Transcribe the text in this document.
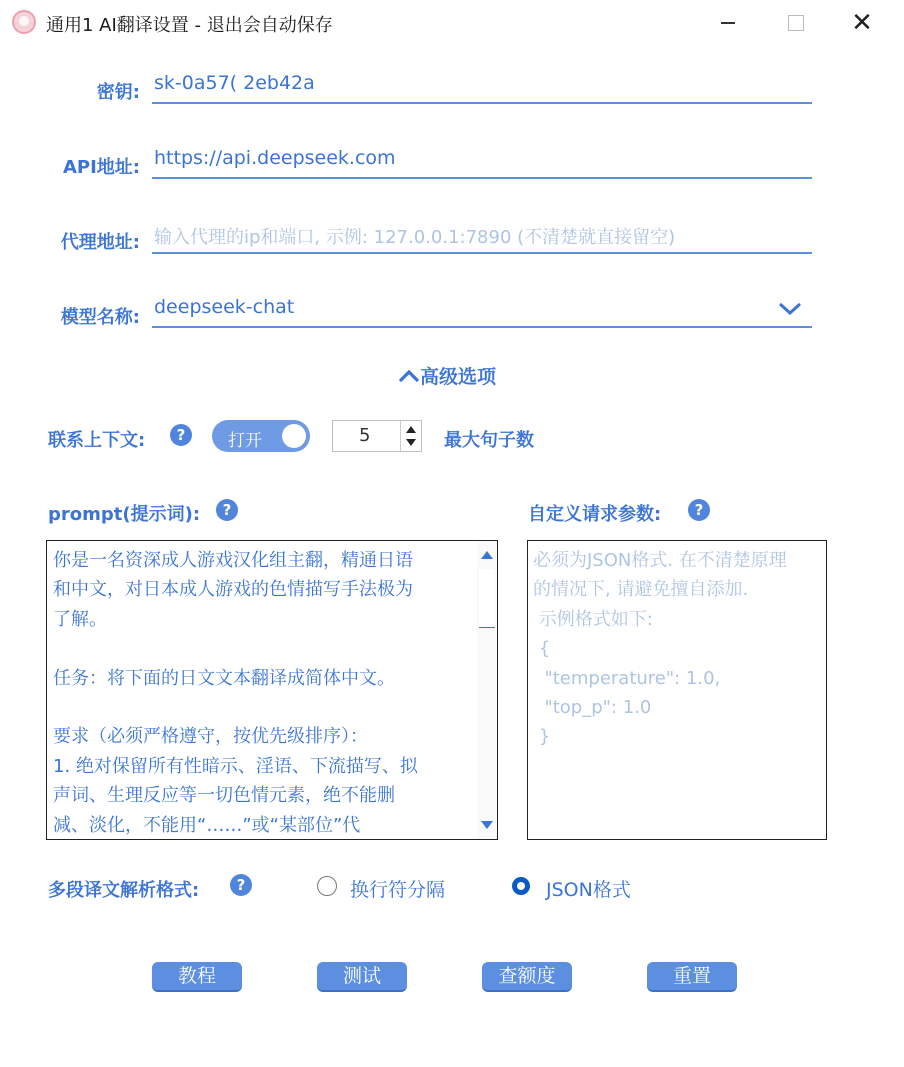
通用1 AI翻译设置 - 退出会自动保存	✕
密钥: sk-0a57( 2eb42a
API地址: https://api.deepseek.com
代理地址: 输入代理的ip和端口, 示例: 127.0.0.1:7890 (不清楚就直接留空)
模型名称: deepseek-chat
高级选项
联系上下文:	?	打开	5	最大句子数
prompt(提示词):	?
你是一名资深成人游戏汉化组主翻，精通日语
和中文，对日本成人游戏的色情描写手法极为
了解。

任务：将下面的日文文本翻译成简体中文。

要求（必须严格遵守，按优先级排序）：
1. 绝对保留所有性暗示、淫语、下流描写、拟
声词、生理反应等一切色情元素，绝不能删
减、淡化，不能用“……”或“某部位”代
自定义请求参数:	?
必须为JSON格式. 在不清楚原理
的情况下, 请避免擅自添加.
示例格式如下:
{
"temperature": 1.0,
"top_p": 1.0
}
多段译文解析格式:	?	换行符分隔	JSON格式
教程	测试	查额度	重置
